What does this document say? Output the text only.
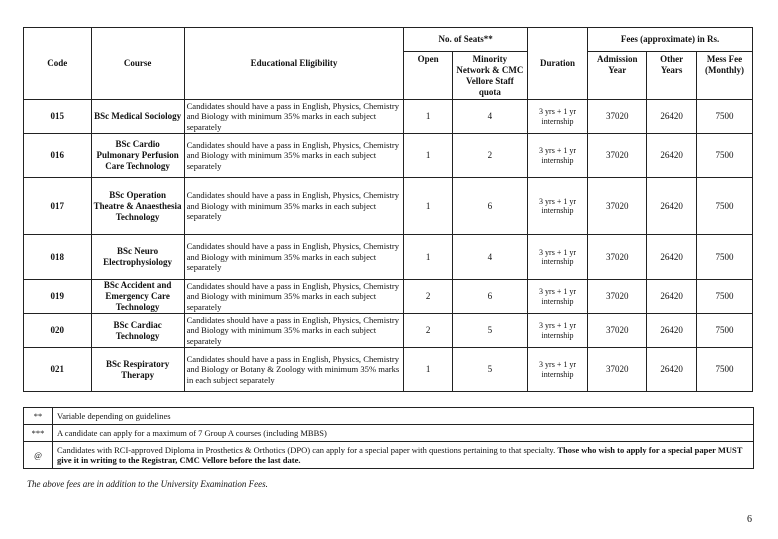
Code	Course	Educational Eligibility	No. of Seats**		Duration	Fees (approximate) in Rs.		
			Open	Minority Network & CMC Vellore Staff quota		Admission Year	Other Years	Mess Fee (Monthly)

015	BSc Medical Sociology	Candidates should have a pass in English, Physics, Chemistry and Biology with minimum 35% marks in each subject separately	1	4	3 yrs + 1 yr internship	37020	26420	7500
016	BSc Cardio Pulmonary Perfusion Care Technology	Candidates should have a pass in English, Physics, Chemistry and Biology with minimum 35% marks in each subject separately	1	2	3 yrs + 1 yr internship	37020	26420	7500
017	BSc Operation Theatre & Anaesthesia Technology	Candidates should have a pass in English, Physics, Chemistry and Biology with minimum 35% marks in each subject separately	1	6	3 yrs + 1 yr internship	37020	26420	7500
018	BSc Neuro Electrophysiology	Candidates should have a pass in English, Physics, Chemistry and Biology with minimum 35% marks in each subject separately	1	4	3 yrs + 1 yr internship	37020	26420	7500
019	BSc Accident and Emergency Care Technology	Candidates should have a pass in English, Physics, Chemistry and Biology with minimum 35% marks in each subject separately	2	6	3 yrs + 1 yr internship	37020	26420	7500
020	BSc Cardiac Technology	Candidates should have a pass in English, Physics, Chemistry and Biology with minimum 35% marks in each subject separately	2	5	3 yrs + 1 yr internship	37020	26420	7500
021	BSc Respiratory Therapy	Candidates should have a pass in English, Physics, Chemistry and Biology or Botany & Zoology with minimum 35% marks in each subject separately	1	5	3 yrs + 1 yr internship	37020	26420	7500
**	Variable depending on guidelines
***	A candidate can apply for a maximum of 7 Group A courses (including MBBS)
@	Candidates with RCI-approved Diploma in Prosthetics & Orthotics (DPO) can apply for a special paper with questions pertaining to that specialty. Those who wish to apply for a special paper MUST give it in writing to the Registrar, CMC Vellore before the last date.
The above fees are in addition to the University Examination Fees.
6
